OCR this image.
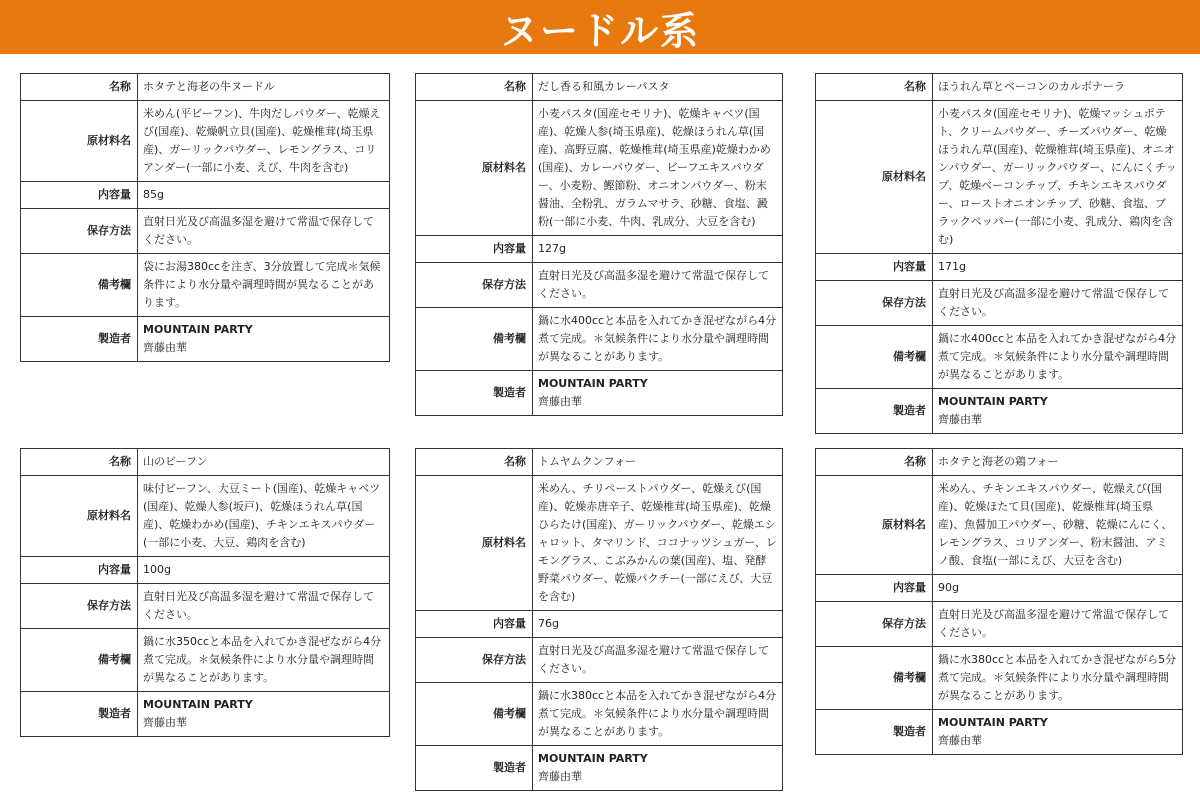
ヌードル系
名称	ホタテと海老の牛ヌードル
原材料名	米めん(平ビーフン)、牛肉だしパウダー、乾燥えび(国産)、乾燥帆立貝(国産)、乾燥椎茸(埼玉県産)、ガーリックパウダー、レモングラス、コリアンダー(一部に小麦、えび、牛肉を含む)
内容量	85g
保存方法	直射日光及び高温多湿を避けて常温で保存してください。
備考欄	袋にお湯380ccを注ぎ、3分放置して完成＊気候条件により水分量や調理時間が異なることがあります。
製造者	MOUNTAIN PARTY
齊藤由華
名称	だし香る和風カレーパスタ
原材料名	小麦パスタ(国産セモリナ)、乾燥キャベツ(国産)、乾燥人参(埼玉県産)、乾燥ほうれん草(国産)、高野豆腐、乾燥椎茸(埼玉県産)乾燥わかめ(国産)、カレーパウダー、ビーフエキスパウダー、小麦粉、鰹節粉、オニオンパウダー、粉末醤油、全粉乳、ガラムマサラ、砂糖、食塩、澱粉(一部に小麦、牛肉、乳成分、大豆を含む)
内容量	127g
保存方法	直射日光及び高温多湿を避けて常温で保存してください。
備考欄	鍋に水400ccと本品を入れてかき混ぜながら4分煮て完成。＊気候条件により水分量や調理時間が異なることがあります。
製造者	MOUNTAIN PARTY
齊藤由華
名称	ほうれん草とベーコンのカルボナーラ
原材料名	小麦パスタ(国産セモリナ)、乾燥マッシュポテト、クリームパウダー、チーズパウダー、乾燥ほうれん草(国産)、乾燥椎茸(埼玉県産)、オニオンパウダー、ガーリックパウダー、にんにくチップ、乾燥ベーコンチップ、チキンエキスパウダー、ローストオニオンチップ、砂糖、食塩、ブラックペッパー(一部に小麦、乳成分、鶏肉を含む)
内容量	171g
保存方法	直射日光及び高温多湿を避けて常温で保存してください。
備考欄	鍋に水400ccと本品を入れてかき混ぜながら4分煮て完成。＊気候条件により水分量や調理時間が異なることがあります。
製造者	MOUNTAIN PARTY
齊藤由華
名称	山のビーフン
原材料名	味付ビーフン、大豆ミート(国産)、乾燥キャベツ(国産)、乾燥人参(坂戸)、乾燥ほうれん草(国産)、乾燥わかめ(国産)、チキンエキスパウダー(一部に小麦、大豆、鶏肉を含む)
内容量	100g
保存方法	直射日光及び高温多湿を避けて常温で保存してください。
備考欄	鍋に水350ccと本品を入れてかき混ぜながら4分煮て完成。＊気候条件により水分量や調理時間が異なることがあります。
製造者	MOUNTAIN PARTY
齊藤由華
名称	トムヤムクンフォー
原材料名	米めん、チリペーストパウダー、乾燥えび(国産)、乾燥赤唐辛子、乾燥椎茸(埼玉県産)、乾燥ひらたけ(国産)、ガーリックパウダー、乾燥エシャロット、タマリンド、ココナッツシュガー、レモングラス、こぶみかんの葉(国産)、塩、発酵野菜パウダー、乾燥パクチー(一部にえび、大豆を含む)
内容量	76g
保存方法	直射日光及び高温多湿を避けて常温で保存してください。
備考欄	鍋に水380ccと本品を入れてかき混ぜながら4分煮て完成。＊気候条件により水分量や調理時間が異なることがあります。
製造者	MOUNTAIN PARTY
齊藤由華
名称	ホタテと海老の鶏フォー
原材料名	米めん、チキンエキスパウダー、乾燥えび(国産)、乾燥ほたて貝(国産)、乾燥椎茸(埼玉県産)、魚醤加工パウダー、砂糖、乾燥にんにく、レモングラス、コリアンダー、粉末醤油、アミノ酸、食塩(一部にえび、大豆を含む)
内容量	90g
保存方法	直射日光及び高温多湿を避けて常温で保存してください。
備考欄	鍋に水380ccと本品を入れてかき混ぜながら5分煮て完成。＊気候条件により水分量や調理時間が異なることがあります。
製造者	MOUNTAIN PARTY
齊藤由華
